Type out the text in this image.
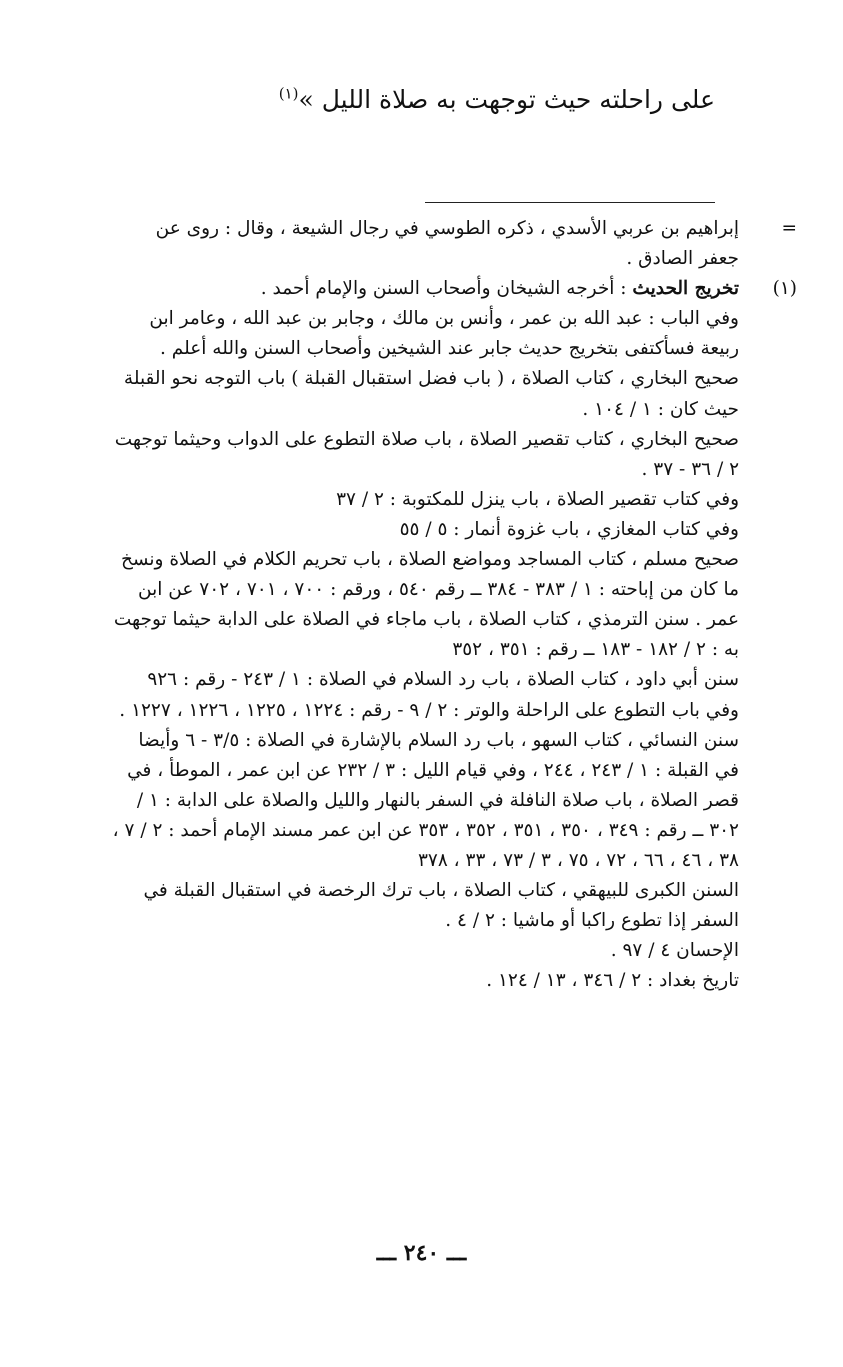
على راحلته حيث توجهت به صلاة الليل »$^{(١)}$
=

إبراهيم بن عربي الأسدي ، ذكره الطوسي في رجال الشيعة ، وقال : روى عن جعفر الصادق .

(١)

تخريج الحديث : أخرجه الشيخان وأصحاب السنن والإمام أحمد .

وفي الباب : عبد الله بن عمر ، وأنس بن مالك ، وجابر بن عبد الله ، وعامر ابن ربيعة فسأكتفى بتخريج حديث جابر عند الشيخين وأصحاب السنن والله أعلم .

صحيح البخاري ، كتاب الصلاة ، ( باب فضل استقبال القبلة ) باب التوجه نحو القبلة حيث كان : ١ / ١٠٤ .

صحيح البخاري ، كتاب تقصير الصلاة ، باب صلاة التطوع على الدواب وحيثما توجهت ٢ / ٣٦ - ٣٧ .

وفي كتاب تقصير الصلاة ، باب ينزل للمكتوبة : ٢ / ٣٧

وفي كتاب المغازي ، باب غزوة أنمار : ٥ / ٥٥

صحيح مسلم ، كتاب المساجد ومواضع الصلاة ، باب تحريم الكلام في الصلاة ونسخ ما كان من إباحته : ١ / ٣٨٣ - ٣٨٤ ــ رقم ٥٤٠ ، ورقم : ٧٠٠ ، ٧٠١ ، ٧٠٢ عن ابن عمر . سنن الترمذي ، كتاب الصلاة ، باب ماجاء في الصلاة على الدابة حيثما توجهت به : ٢ / ١٨٢ - ١٨٣ ــ رقم : ٣٥١ ، ٣٥٢

سنن أبي داود ، كتاب الصلاة ، باب رد السلام في الصلاة : ١ / ٢٤٣ - رقم : ٩٢٦ وفي باب التطوع على الراحلة والوتر : ٢ / ٩ - رقم : ١٢٢٤ ، ١٢٢٥ ، ١٢٢٦ ، ١٢٢٧ .

سنن النسائي ، كتاب السهو ، باب رد السلام بالإشارة في الصلاة : ٣/٥ - ٦ وأيضا في القبلة : ١ / ٢٤٣ ، ٢٤٤ ، وفي قيام الليل : ٣ / ٢٣٢ عن ابن عمر ، الموطأ ، في قصر الصلاة ، باب صلاة النافلة في السفر بالنهار والليل والصلاة على الدابة : ١ / ٣٠٢ ــ رقم : ٣٤٩ ، ٣٥٠ ، ٣٥١ ، ٣٥٢ ، ٣٥٣ عن ابن عمر مسند الإمام أحمد : ٢ / ٧ ، ٣٨ ، ٤٦ ، ٦٦ ، ٧٢ ، ٧٥ ، ٣ / ٧٣ ، ٣٣ ، ٣٧٨

السنن الكبرى للبيهقي ، كتاب الصلاة ، باب ترك الرخصة في استقبال القبلة في السفر إذا تطوع راكبا أو ماشيا : ٢ / ٤ .

الإحسان ٤ / ٩٧ .

تاريخ بغداد : ٢ / ٣٤٦ ، ١٣ / ١٢٤ .

ـــ ٢٤٠ ـــ
